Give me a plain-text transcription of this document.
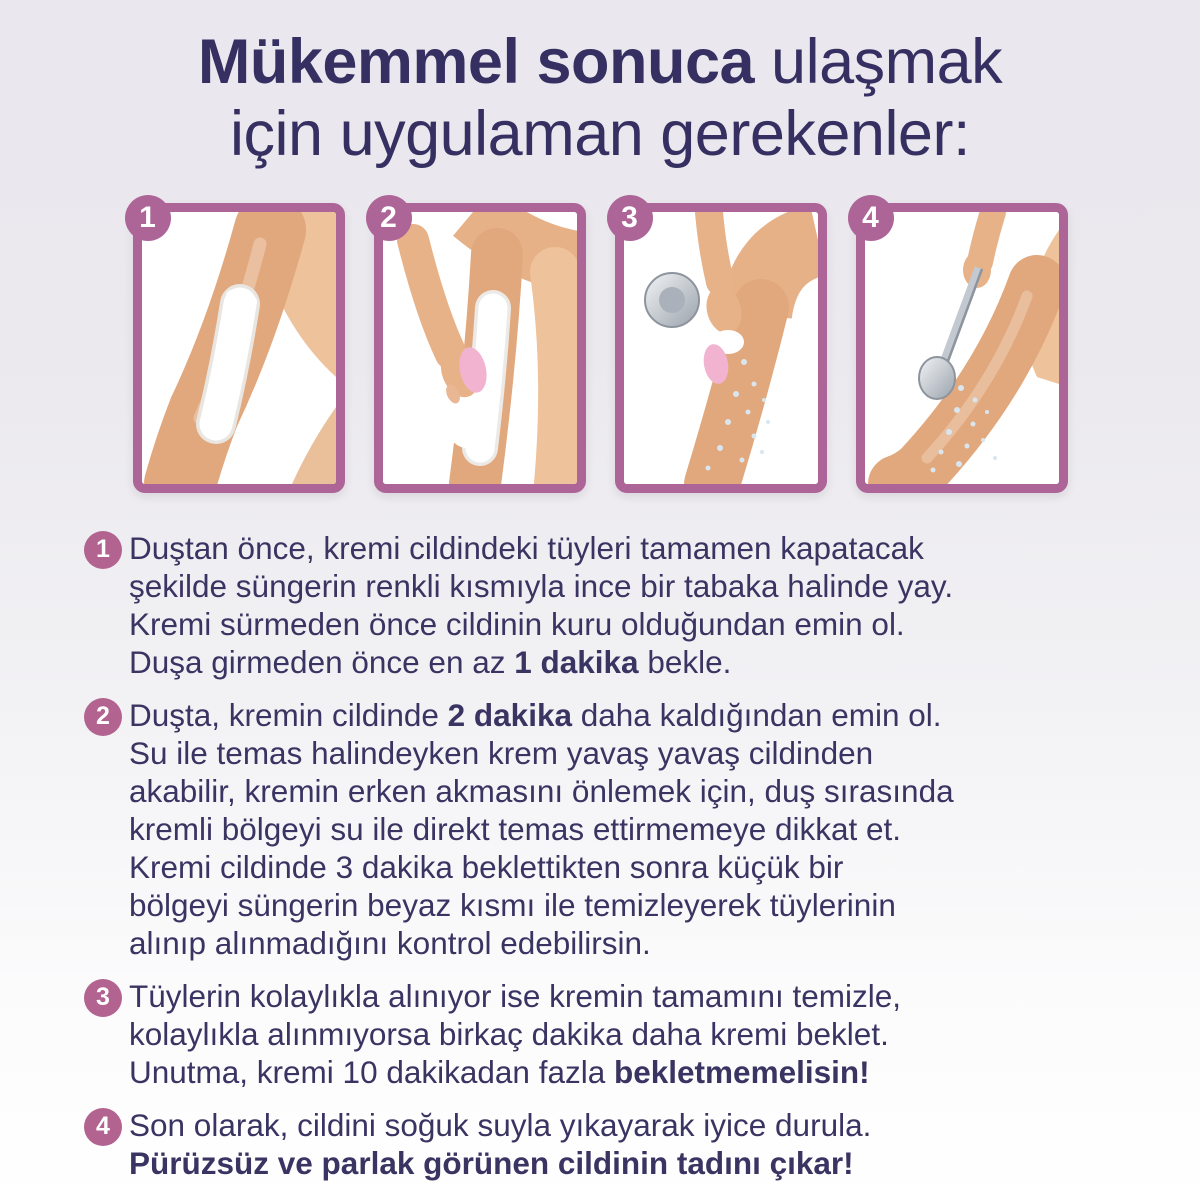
Mükemmel sonuca ulaşmak
için uygulaman gerekenler:
1	2	3	4
1 Duştan önce, kremi cildindeki tüyleri tamamen kapatacak
şekilde süngerin renkli kısmıyla ince bir tabaka halinde yay.
Kremi sürmeden önce cildinin kuru olduğundan emin ol.
Duşa girmeden önce en az 1 dakika bekle.
2 Duşta, kremin cildinde 2 dakika daha kaldığından emin ol.
Su ile temas halindeyken krem yavaş yavaş cildinden
akabilir, kremin erken akmasını önlemek için, duş sırasında
kremli bölgeyi su ile direkt temas ettirmemeye dikkat et.
Kremi cildinde 3 dakika beklettikten sonra küçük bir
bölgeyi süngerin beyaz kısmı ile temizleyerek tüylerinin
alınıp alınmadığını kontrol edebilirsin.
3 Tüylerin kolaylıkla alınıyor ise kremin tamamını temizle,
kolaylıkla alınmıyorsa birkaç dakika daha kremi beklet.
Unutma, kremi 10 dakikadan fazla bekletmemelisin!
4 Son olarak, cildini soğuk suyla yıkayarak iyice durula.
Pürüzsüz ve parlak görünen cildinin tadını çıkar!
